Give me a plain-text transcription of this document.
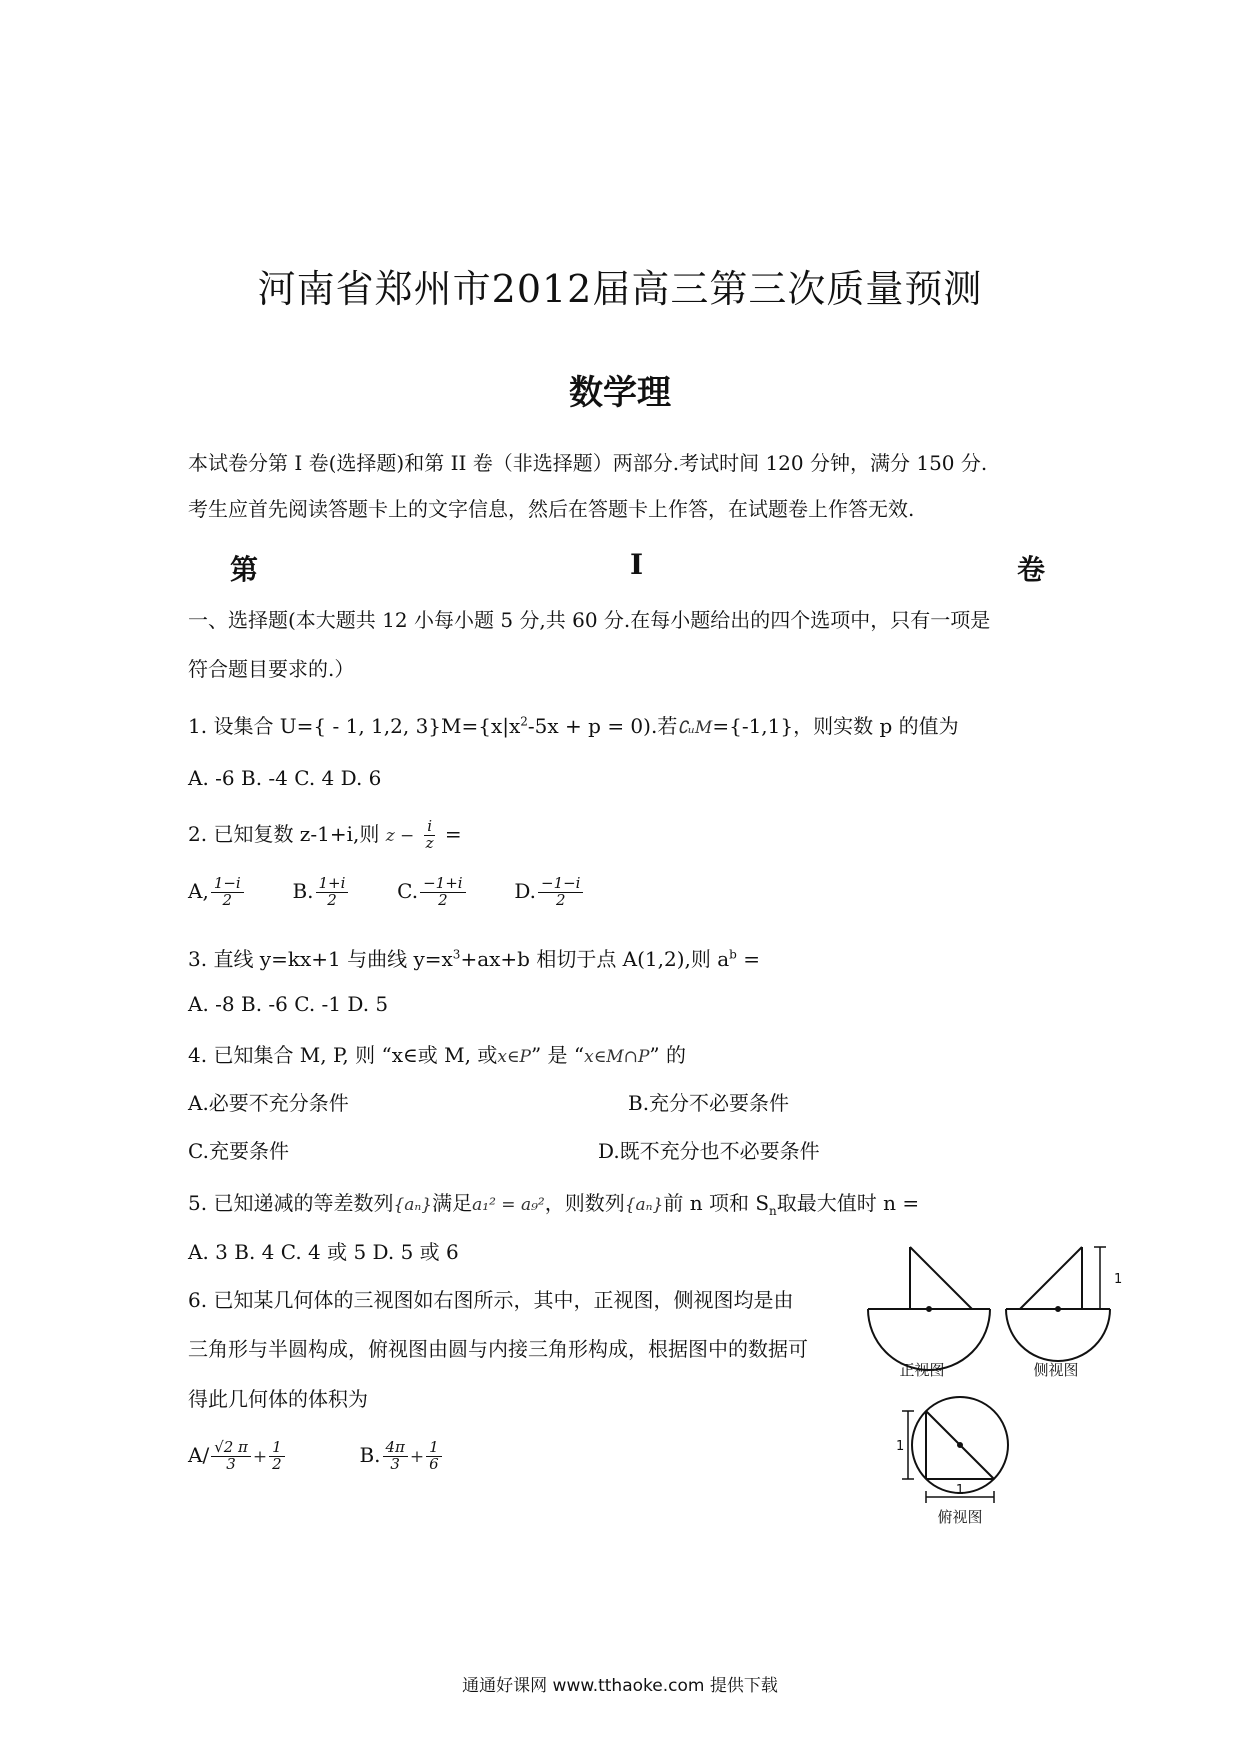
河南省郑州市2012届高三第三次质量预测
数学理
本试卷分第 I 卷(选择题)和第 II 卷（非选择题）两部分.考试时间 120 分钟，满分 150 分.
考生应首先阅读答题卡上的文字信息，然后在答题卡上作答，在试题卷上作答无效.
第	I	卷
一、选择题(本大题共 12 小每小题 5 分,共 60 分.在每小题给出的四个选项中，只有一项是
符合题目要求的.）
1. 设集合 U={ - 1, 1,2, $3\}M=\{x|x^2-5x + p = 0)$.若∁ᵤM={-1,1}，则实数 p 的值为
A. -6 B. -4 C. 4 D. 6
2. 已知复数 z-1+i,则 $z - \frac{i}{z}$ =
A, $\frac{1-i}{2} B$. $\frac{1+i}{2} C$. $\frac{-1+i}{2} D$. $\frac{-1-i}{2}$
3. 直线 y=kx+1 与曲线 $y=x^3+ax+b$ 相切于点 A(1,2),则 $a^b$ =
A. -8 B. -6 C. -1 D. 5
4. 已知集合 M, P, 则 “x∈或 M, 或x∈P” 是 “x∈M∩P” 的
A.必要不充分条件	B.充分不必要条件
C.充要条件	D.既不充分也不必要条件
5. 已知递减的等差数列{aₙ}满足a₁² = a₉²，则数列{aₙ}前 n 项和 $S_n$取最大值时 n =
A. 3 B. 4 C. 4 或 5 D. 5 或 6
6. 已知某几何体的三视图如右图所示，其中，正视图，侧视图均是由
三角形与半圆构成，俯视图由圆与内接三角形构成，根据图中的数据可
得此几何体的体积为
$A/ \frac{√2 \pi}{3} + \frac{1}{2}$	B. $\frac{4\pi}{3} + \frac{1}{6}$
正视图
1
侧视图
1
1
俯视图
通通好课网 www.tthaoke.com 提供下载
